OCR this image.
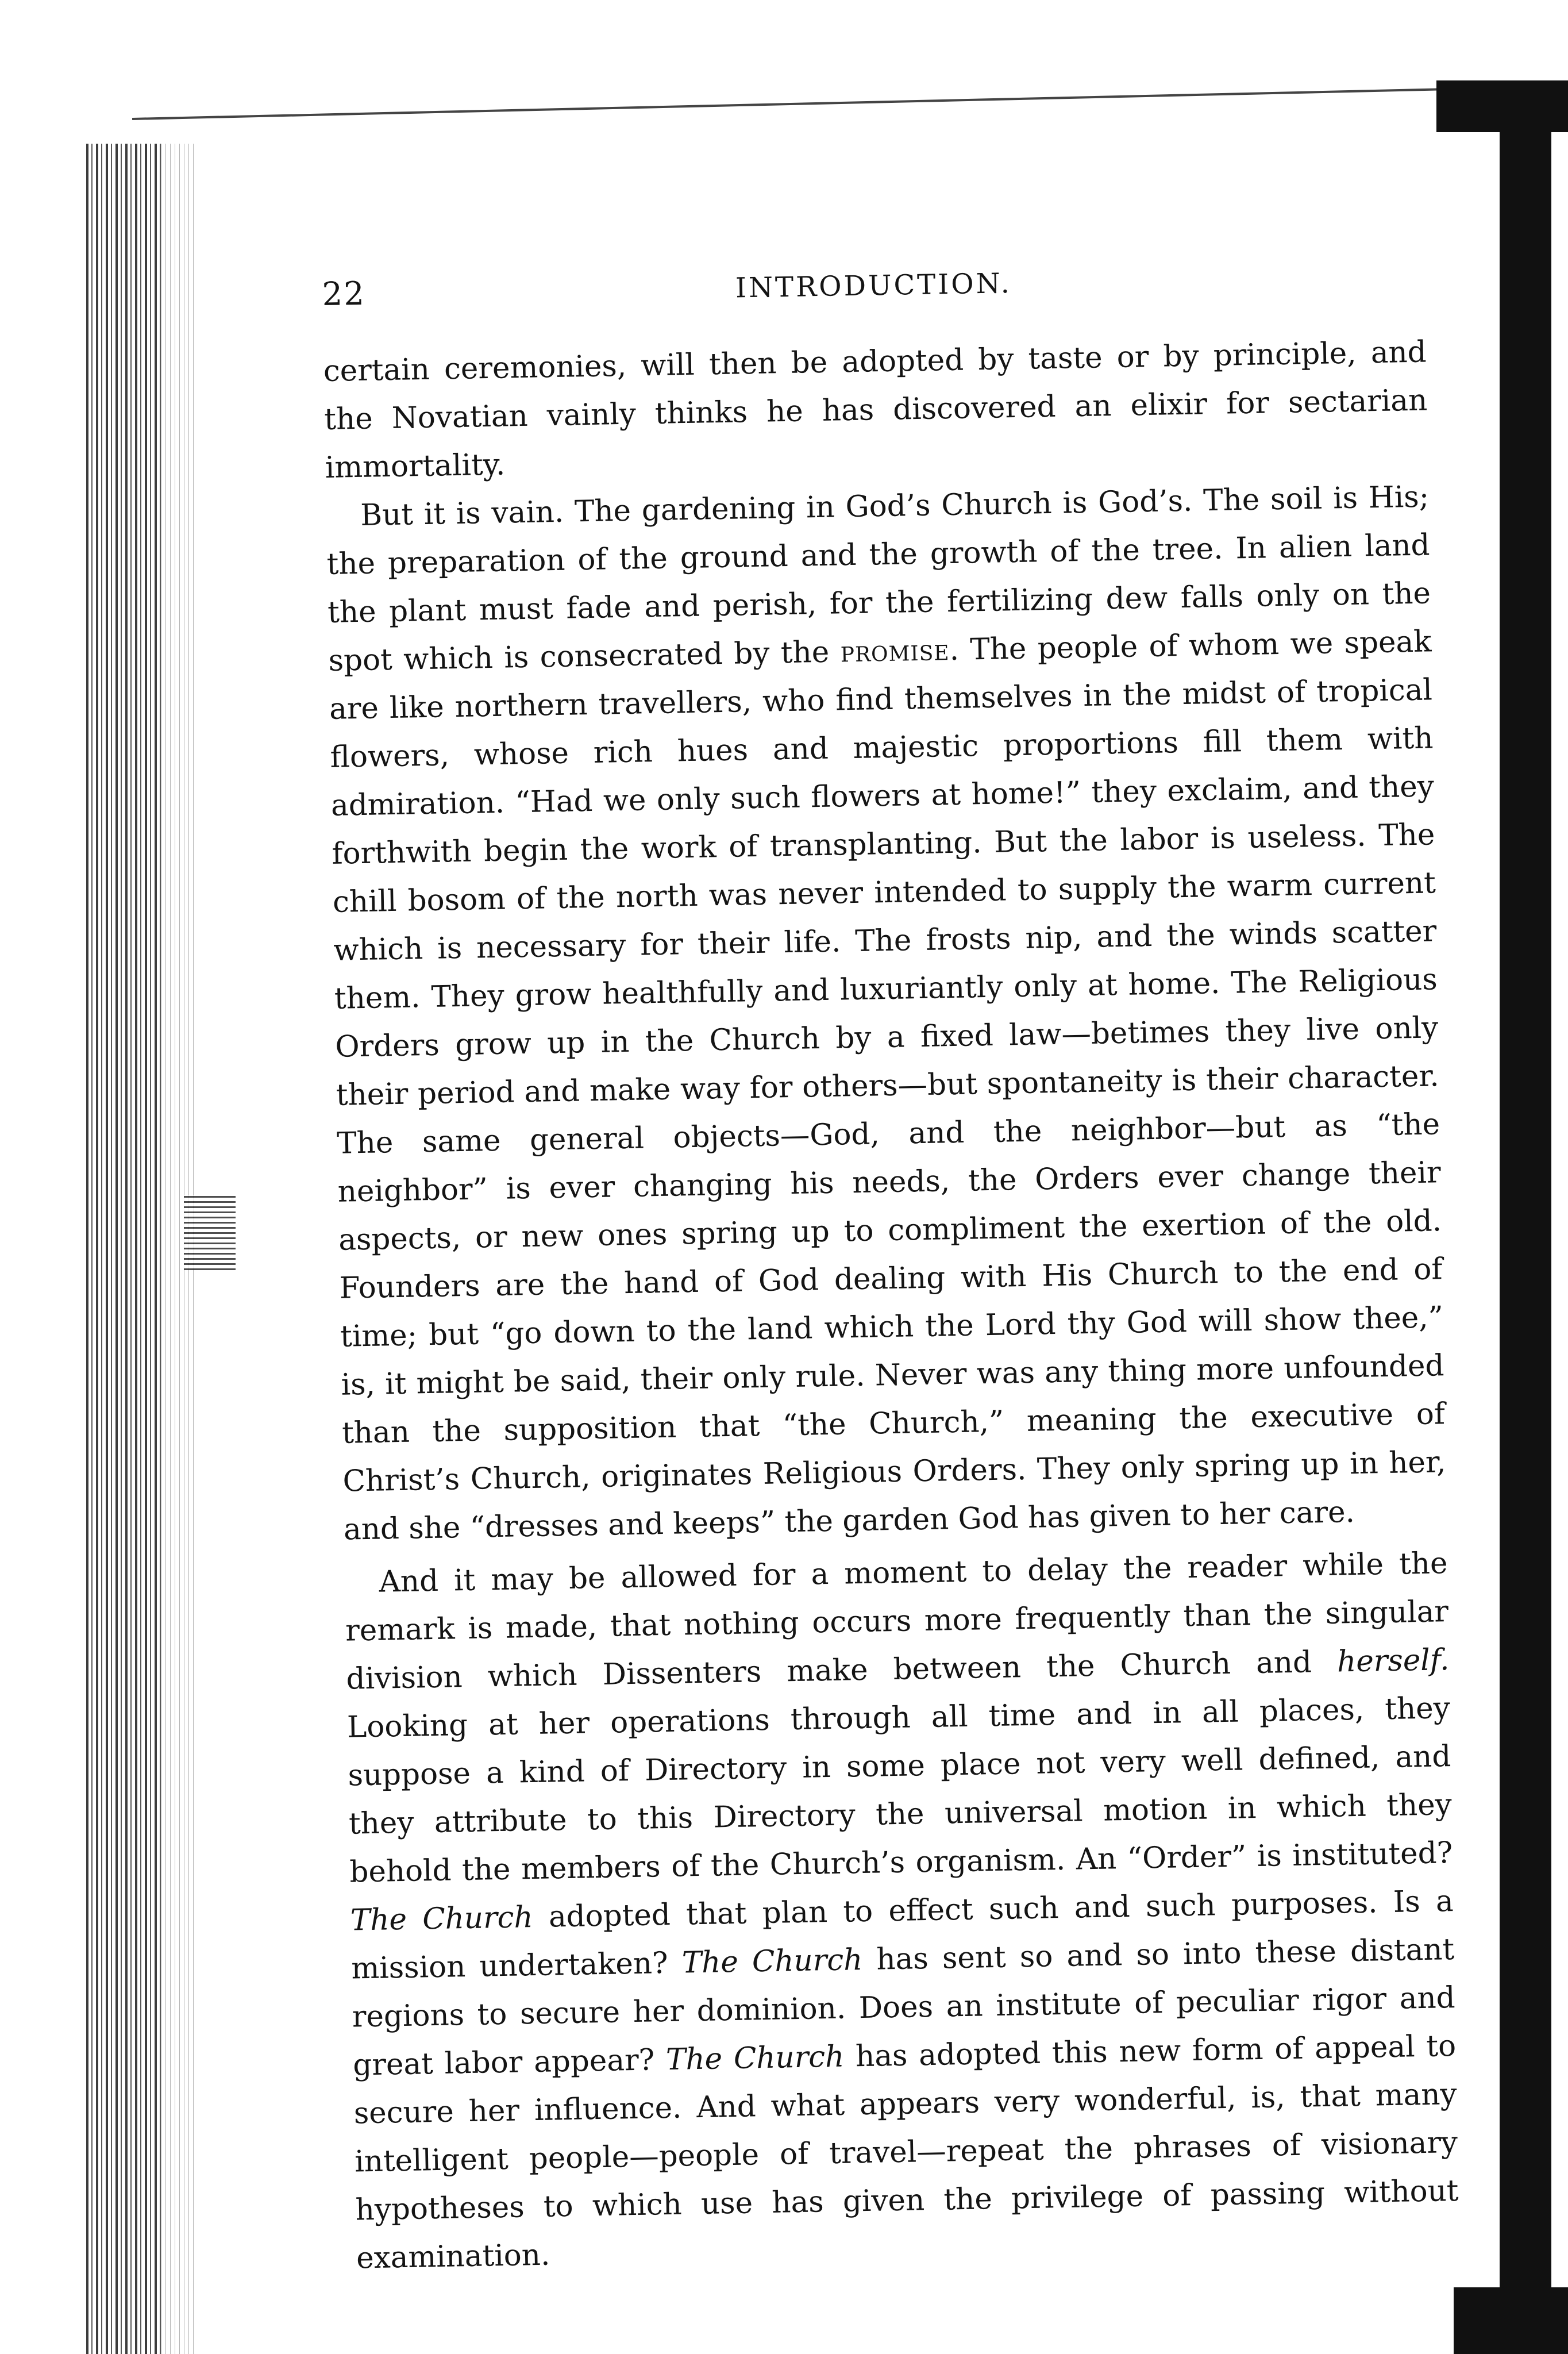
22	INTRODUCTION.

certain ceremonies, will then be adopted by taste or by principle, and the Novatian vainly thinks he has discovered an elixir for sectarian immortality.

But it is vain. The gardening in God’s Church is God’s. The soil is His; the preparation of the ground and the growth of the tree. In alien land the plant must fade and perish, for the fertilizing dew falls only on the spot which is consecrated by the promise. The people of whom we speak are like northern travellers, who find themselves in the midst of tropical flowers, whose rich hues and majestic proportions fill them with admiration. “Had we only such flowers at home!” they exclaim, and they forthwith begin the work of transplanting. But the labor is useless. The chill bosom of the north was never intended to supply the warm current which is necessary for their life. The frosts nip, and the winds scatter them. They grow healthfully and luxuriantly only at home. The Religious Orders grow up in the Church by a fixed law—betimes they live only their period and make way for others—but spontaneity is their character. The same general objects—God, and the neighbor—but as “the neighbor” is ever changing his needs, the Orders ever change their aspects, or new ones spring up to compliment the exertion of the old. Founders are the hand of God dealing with His Church to the end of time; but “go down to the land which the Lord thy God will show thee,” is, it might be said, their only rule. Never was any thing more unfounded than the supposition that “the Church,” meaning the executive of Christ’s Church, originates Religious Orders. They only spring up in her, and she “dresses and keeps” the garden God has given to her care.

And it may be allowed for a moment to delay the reader while the remark is made, that nothing occurs more frequently than the singular division which Dissenters make between the Church and herself. Looking at her operations through all time and in all places, they suppose a kind of Directory in some place not very well defined, and they attribute to this Directory the universal motion in which they behold the members of the Church’s organism. An “Order” is instituted? The Church adopted that plan to effect such and such purposes. Is a mission undertaken? The Church has sent so and so into these distant regions to secure her dominion. Does an institute of peculiar rigor and great labor appear? The Church has adopted this new form of appeal to secure her influence. And what appears very wonderful, is, that many intelligent people—people of travel—repeat the phrases of visionary hypotheses to which use has given the privilege of passing without examination.
